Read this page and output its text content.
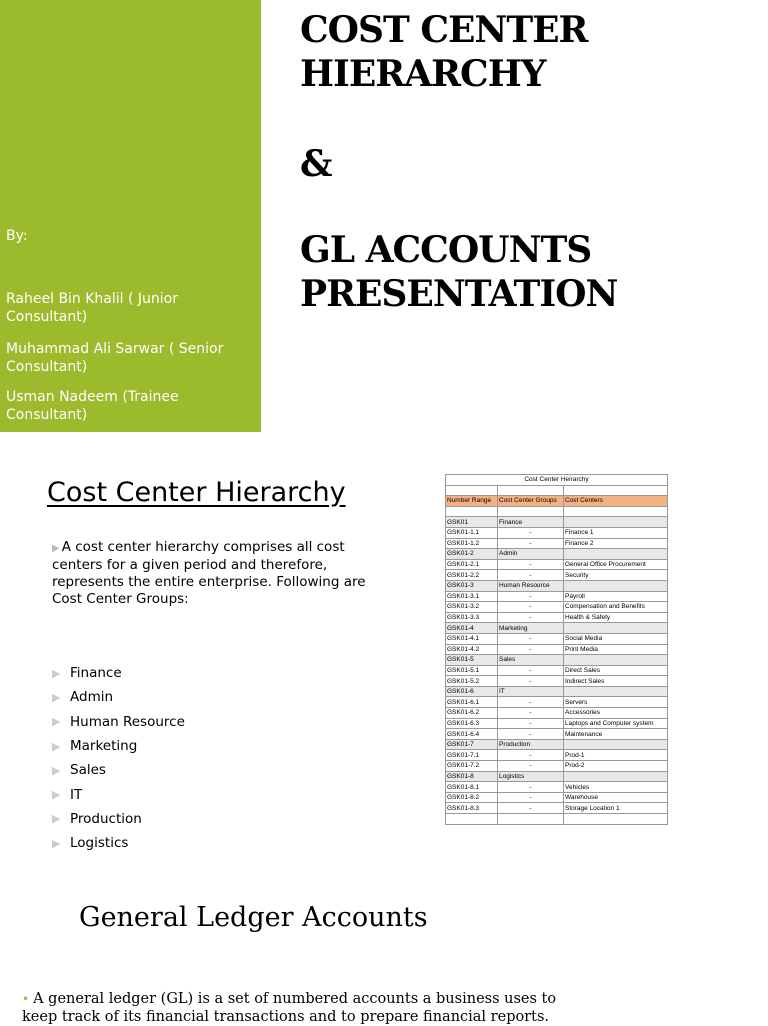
By:
Raheel Bin Khalil ( Junior Consultant)
Muhammad Ali Sarwar ( Senior Consultant)
Usman Nadeem (Trainee Consultant)
COST CENTER
HIERARCHY
&
GL ACCOUNTS
PRESENTATION
Cost Center Hierarchy
▶ A cost center hierarchy comprises all cost centers for a given period and therefore, represents the entire enterprise. Following are Cost Center Groups:
▶ Finance
▶ Admin
▶ Human Resource
▶ Marketing
▶ Sales
▶ IT
▶ Production
▶ Logistics
Cost Center Heirarchy		

Number Range	Cost Center Groups	Cost Centers

GSK01	Finance	
GSK01-1.1	-	Finance 1
GSK01-1.2	-	Finance 2
GSK01-2	Admin	
GSK01-2.1	-	General Office Procurement
GSK01-2.2	-	Security
GSK01-3	Human Resource	
GSK01-3.1	-	Payroll
GSK01-3.2	-	Compensation and Benefits
GSK01-3.3	-	Health & Safety
GSK01-4	Marketing	
GSK01-4.1	-	Social Media
GSK01-4.2	-	Print Media
GSK01-5	Sales	
GSK01-5.1	-	Direct Sales
GSK01-5.2	-	Indirect Sales
GSK01-6	IT	
GSK01-6.1	-	Servers
GSK01-6.2	-	Accessories
GSK01-6.3	-	Laptops and Computer system
GSK01-6.4	-	Maintenance
GSK01-7	Production	
GSK01-7.1	-	Prod-1
GSK01-7.2	-	Prod-2
GSK01-8	Logistics	
GSK01-8.1	-	Vehicles
GSK01-8.2	-	Warehouse
GSK01-8.3	-	Storage Location 1

General Ledger Accounts
• A general ledger (GL) is a set of numbered accounts a business uses to keep track of its financial transactions and to prepare financial reports.
